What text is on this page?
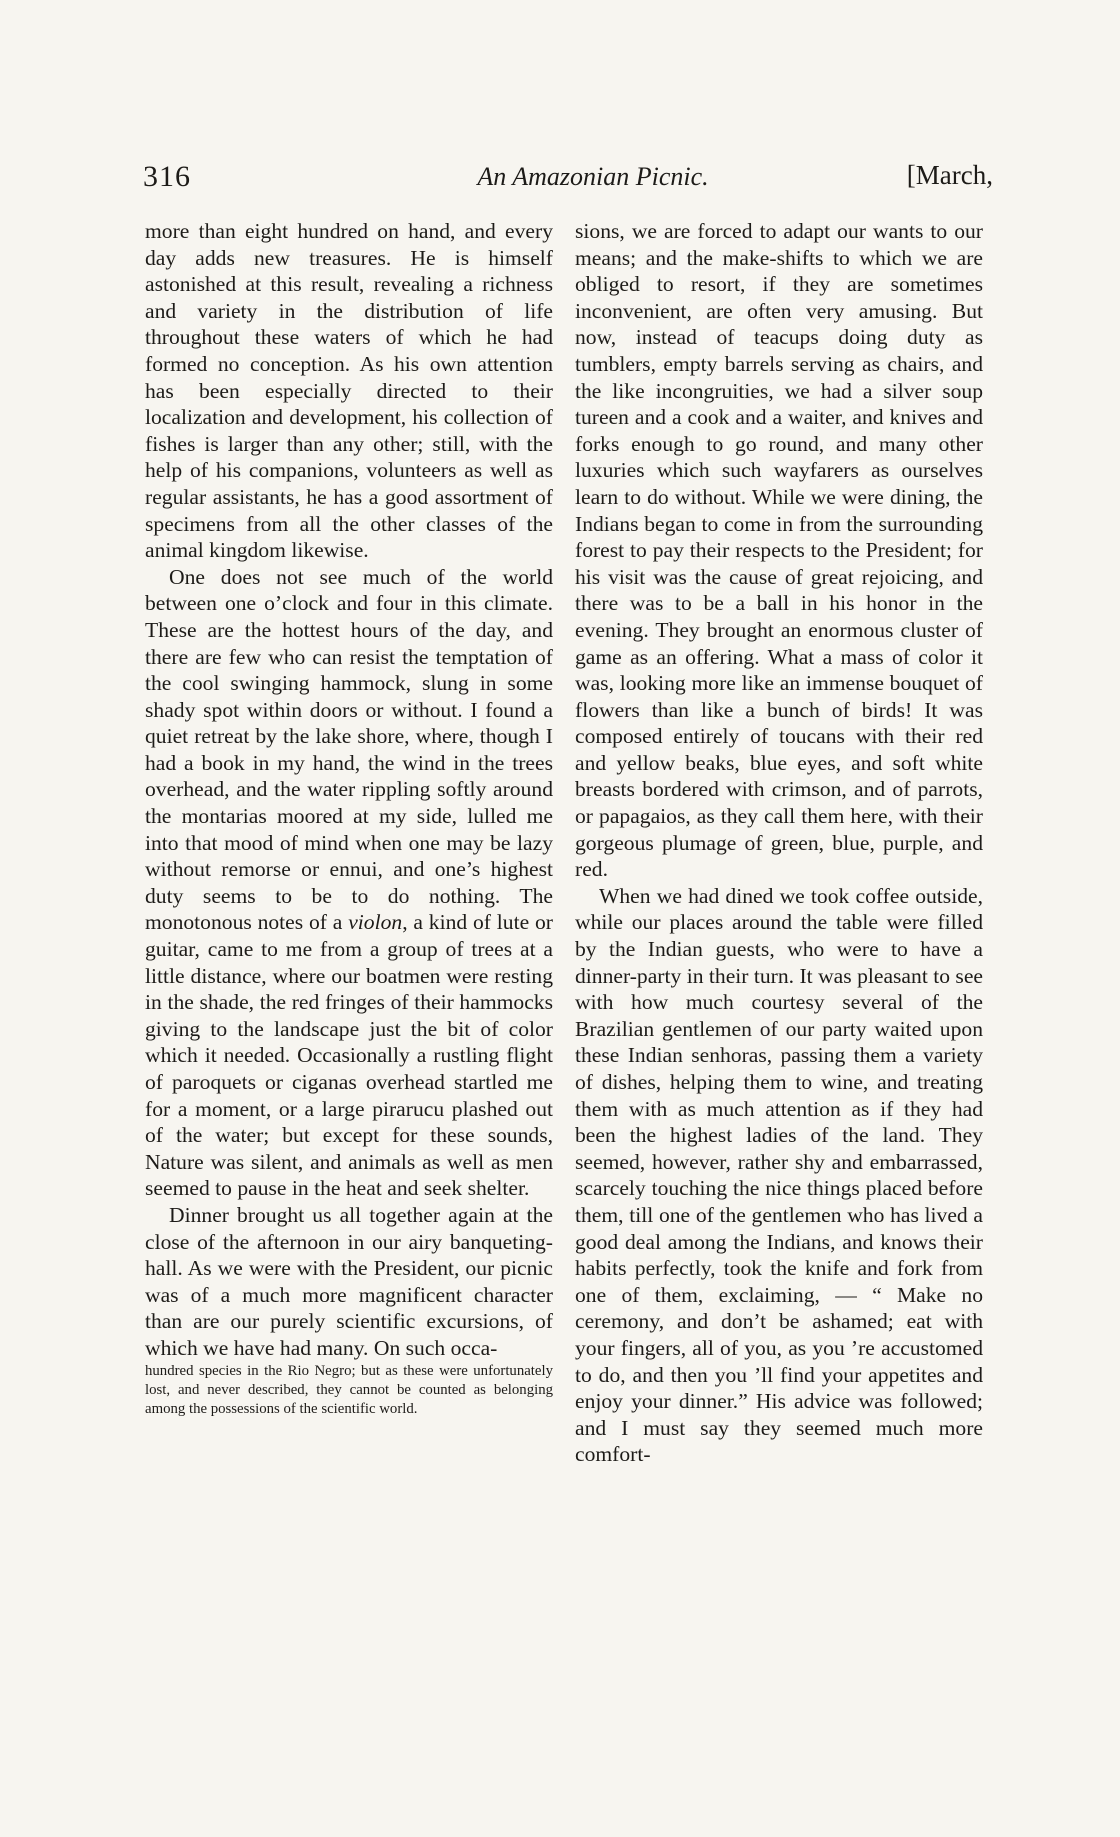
316	An Amazonian Picnic.	[March,

more than eight hundred on hand, and every day adds new treasures. He is himself astonished at this result, revealing a richness and variety in the distribution of life throughout these waters of which he had formed no conception. As his own attention has been especially directed to their localization and development, his collection of fishes is larger than any other; still, with the help of his companions, volunteers as well as regular assistants, he has a good assortment of specimens from all the other classes of the animal kingdom likewise.

One does not see much of the world between one o’clock and four in this climate. These are the hottest hours of the day, and there are few who can resist the temptation of the cool swinging hammock, slung in some shady spot within doors or without. I found a quiet retreat by the lake shore, where, though I had a book in my hand, the wind in the trees overhead, and the water rippling softly around the montarias moored at my side, lulled me into that mood of mind when one may be lazy without remorse or ennui, and one’s highest duty seems to be to do nothing. The monotonous notes of a violon, a kind of lute or guitar, came to me from a group of trees at a little distance, where our boatmen were resting in the shade, the red fringes of their hammocks giving to the landscape just the bit of color which it needed. Occasionally a rustling flight of paroquets or ciganas overhead startled me for a moment, or a large pirarucu plashed out of the water; but except for these sounds, Nature was silent, and animals as well as men seemed to pause in the heat and seek shelter.

Dinner brought us all together again at the close of the afternoon in our airy banqueting-hall. As we were with the President, our picnic was of a much more magnificent character than are our purely scientific excursions, of which we have had many. On such occa-

hundred species in the Rio Negro; but as these were unfortunately lost, and never described, they cannot be counted as belonging among the possessions of the scientific world.

sions, we are forced to adapt our wants to our means; and the make-shifts to which we are obliged to resort, if they are sometimes inconvenient, are often very amusing. But now, instead of teacups doing duty as tumblers, empty barrels serving as chairs, and the like incongruities, we had a silver soup tureen and a cook and a waiter, and knives and forks enough to go round, and many other luxuries which such wayfarers as ourselves learn to do without. While we were dining, the Indians began to come in from the surrounding forest to pay their respects to the President; for his visit was the cause of great rejoicing, and there was to be a ball in his honor in the evening. They brought an enormous cluster of game as an offering. What a mass of color it was, looking more like an immense bouquet of flowers than like a bunch of birds! It was composed entirely of toucans with their red and yellow beaks, blue eyes, and soft white breasts bordered with crimson, and of parrots, or papagaios, as they call them here, with their gorgeous plumage of green, blue, purple, and red.

When we had dined we took coffee outside, while our places around the table were filled by the Indian guests, who were to have a dinner-party in their turn. It was pleasant to see with how much courtesy several of the Brazilian gentlemen of our party waited upon these Indian senhoras, passing them a variety of dishes, helping them to wine, and treating them with as much attention as if they had been the highest ladies of the land. They seemed, however, rather shy and embarrassed, scarcely touching the nice things placed before them, till one of the gentlemen who has lived a good deal among the Indians, and knows their habits perfectly, took the knife and fork from one of them, exclaiming, — “ Make no ceremony, and don’t be ashamed; eat with your fingers, all of you, as you ’re accustomed to do, and then you ’ll find your appetites and enjoy your dinner.” His advice was followed; and I must say they seemed much more comfort-
